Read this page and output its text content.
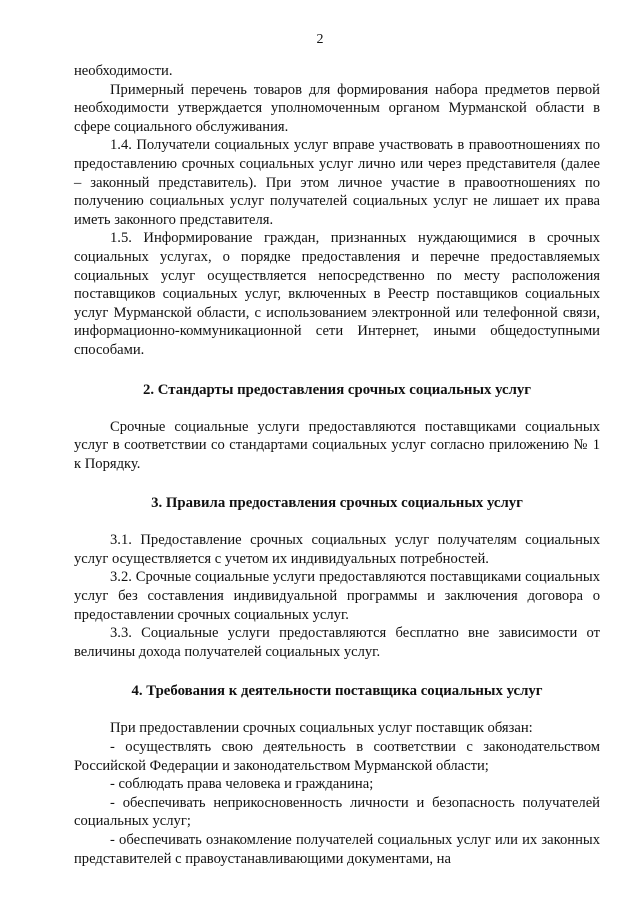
2

необходимости.

Примерный перечень товаров для формирования набора предметов первой необходимости утверждается уполномоченным органом Мурманской области в сфере социального обслуживания.

1.4. Получатели социальных услуг вправе участвовать в правоотношениях по предоставлению срочных социальных услуг лично или через представителя (далее – законный представитель). При этом личное участие в правоотношениях по получению социальных услуг получателей социальных услуг не лишает их права иметь законного представителя.

1.5. Информирование граждан, признанных нуждающимися в срочных социальных услугах, о порядке предоставления и перечне предоставляемых социальных услуг осуществляется непосредственно по месту расположения поставщиков социальных услуг, включенных в Реестр поставщиков социальных услуг Мурманской области, с использованием электронной или телефонной связи, информационно-коммуникационной сети Интернет, иными общедоступными способами.

2. Стандарты предоставления срочных социальных услуг

Срочные социальные услуги предоставляются поставщиками социальных услуг в соответствии со стандартами социальных услуг согласно приложению № 1 к Порядку.

3. Правила предоставления срочных социальных услуг

3.1. Предоставление срочных социальных услуг получателям социальных услуг осуществляется с учетом их индивидуальных потребностей.

3.2. Срочные социальные услуги предоставляются поставщиками социальных услуг без составления индивидуальной программы и заключения договора о предоставлении срочных социальных услуг.

3.3. Социальные услуги предоставляются бесплатно вне зависимости от величины дохода получателей социальных услуг.

4. Требования к деятельности поставщика социальных услуг

При предоставлении срочных социальных услуг поставщик обязан:

- осуществлять свою деятельность в соответствии с законодательством Российской Федерации и законодательством Мурманской области;

- соблюдать права человека и гражданина;

- обеспечивать неприкосновенность личности и безопасность получателей социальных услуг;

- обеспечивать ознакомление получателей социальных услуг или их законных представителей с правоустанавливающими документами, на
